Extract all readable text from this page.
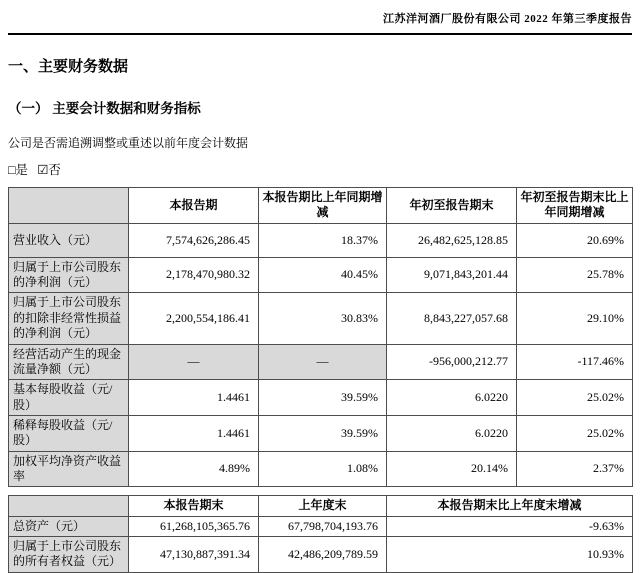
江苏洋河酒厂股份有限公司 2022 年第三季度报告
一、主要财务数据
（一） 主要会计数据和财务指标
公司是否需追溯调整或重述以前年度会计数据
□是 ☑否
	本报告期	本报告期比上年同期增减	年初至报告期末	年初至报告期末比上年同期增减
营业收入（元）	7,574,626,286.45	18.37%	26,482,625,128.85	20.69%
归属于上市公司股东的净利润（元）	2,178,470,980.32	40.45%	9,071,843,201.44	25.78%
归属于上市公司股东的扣除非经常性损益的净利润（元）	2,200,554,186.41	30.83%	8,843,227,057.68	29.10%
经营活动产生的现金流量净额（元）	—	—	-956,000,212.77	-117.46%
基本每股收益（元/股）	1.4461	39.59%	6.0220	25.02%
稀释每股收益（元/股）	1.4461	39.59%	6.0220	25.02%
加权平均净资产收益率	4.89%	1.08%	20.14%	2.37%
	本报告期末	上年度末	本报告期末比上年度末增减
总资产（元）	61,268,105,365.76	67,798,704,193.76	-9.63%
归属于上市公司股东的所有者权益（元）	47,130,887,391.34	42,486,209,789.59	10.93%
